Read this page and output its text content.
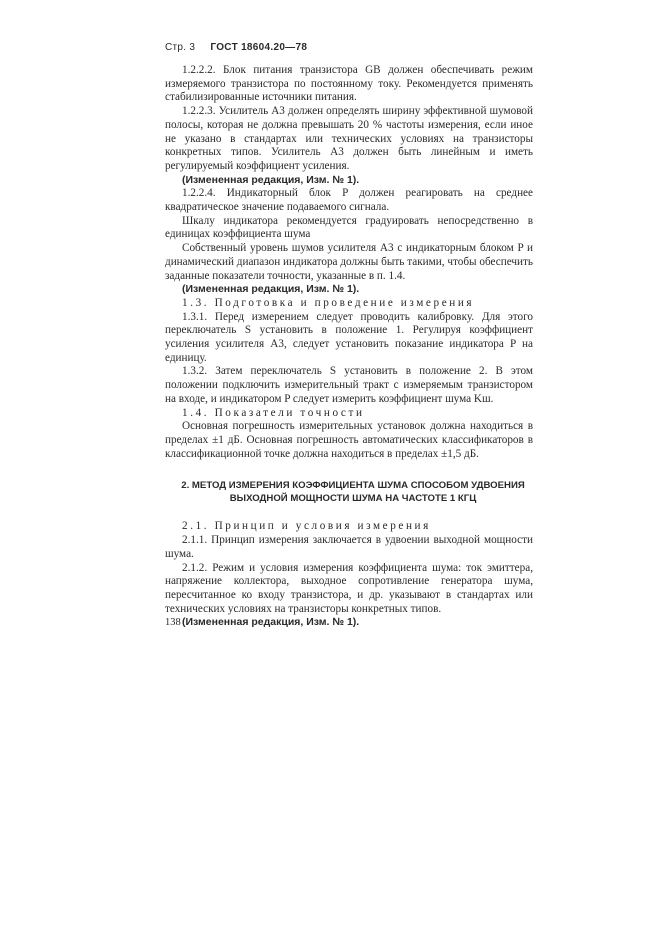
Стр. 3 ГОСТ 18604.20—78

1.2.2.2. Блок питания транзистора GB должен обеспечивать режим измеряемого транзистора по постоянному току. Рекомендуется применять стабилизированные источники питания.

1.2.2.3. Усилитель A3 должен определять ширину эффективной шумовой полосы, которая не должна превышать 20 % частоты измерения, если иное не указано в стандартах или технических условиях на транзисторы конкретных типов. Усилитель A3 должен быть линейным и иметь регулируемый коэффициент усиления.

(Измененная редакция, Изм. № 1).

1.2.2.4. Индикаторный блок P должен реагировать на среднее квадратическое значение подаваемого сигнала.

Шкалу индикатора рекомендуется градуировать непосредственно в единицах коэффициента шума

Собственный уровень шумов усилителя A3 с индикаторным блоком P и динамический диапазон индикатора должны быть такими, чтобы обеспечить заданные показатели точности, указанные в п. 1.4.

(Измененная редакция, Изм. № 1).

1.3. Подготовка и проведение измерения

1.3.1. Перед измерением следует проводить калибровку. Для этого переключатель S установить в положение 1. Регулируя коэффициент усиления усилителя A3, следует установить показание индикатора P на единицу.

1.3.2. Затем переключатель S установить в положение 2. В этом положении подключить измерительный тракт с измеряемым транзистором на входе, и индикатором P следует измерить коэффициент шума Kш.

1.4. Показатели точности

Основная погрешность измерительных установок должна находиться в пределах ±1 дБ. Основная погрешность автоматических классификаторов в классификационной точке должна находиться в пределах ±1,5 дБ.

2. МЕТОД ИЗМЕРЕНИЯ КОЭФФИЦИЕНТА ШУМА СПОСОБОМ УДВОЕНИЯ ВЫХОДНОЙ МОЩНОСТИ ШУМА НА ЧАСТОТЕ 1 КГЦ

2.1. Принцип и условия измерения

2.1.1. Принцип измерения заключается в удвоении выходной мощности шума.

2.1.2. Режим и условия измерения коэффициента шума: ток эмиттера, напряжение коллектора, выходное сопротивление генератора шума, пересчитанное ко входу транзистора, и др. указывают в стандартах или технических условиях на транзисторы конкретных типов.

(Измененная редакция, Изм. № 1).

138
